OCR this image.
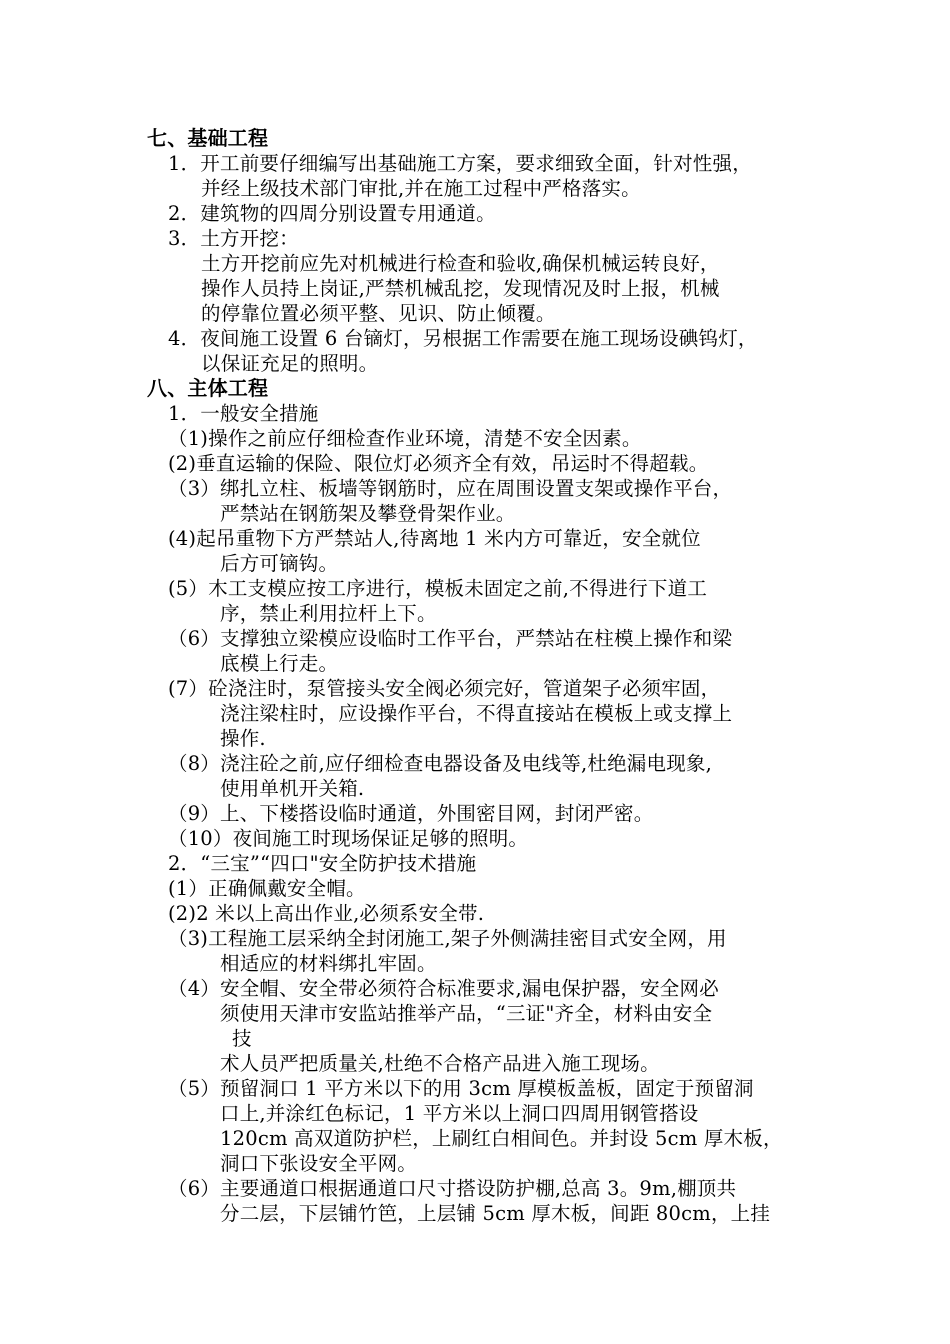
七、基础工程
1．开工前要仔细编写出基础施工方案，要求细致全面，针对性强，
并经上级技术部门审批,并在施工过程中严格落实。
2．建筑物的四周分别设置专用通道。
3．土方开挖：
土方开挖前应先对机械进行检查和验收,确保机械运转良好，
操作人员持上岗证,严禁机械乱挖，发现情况及时上报，机械
的停靠位置必须平整、见识、防止倾覆。
4．夜间施工设置 6 台镝灯，另根据工作需要在施工现场设碘钨灯，
以保证充足的照明。
八、主体工程
1．一般安全措施
（1)操作之前应仔细检查作业环境，清楚不安全因素。
(2)垂直运输的保险、限位灯必须齐全有效，吊运时不得超载。
（3）绑扎立柱、板墙等钢筋时，应在周围设置支架或操作平台，
严禁站在钢筋架及攀登骨架作业。
(4)起吊重物下方严禁站人,待离地 1 米内方可靠近，安全就位
后方可镝钩。
(5）木工支模应按工序进行，模板未固定之前,不得进行下道工
序，禁止利用拉杆上下。
（6）支撑独立梁模应设临时工作平台，严禁站在柱模上操作和梁
底模上行走。
(7）砼浇注时，泵管接头安全阀必须完好，管道架子必须牢固，
浇注梁柱时，应设操作平台，不得直接站在模板上或支撑上
操作.
（8）浇注砼之前,应仔细检查电器设备及电线等,杜绝漏电现象,
使用单机开关箱.
（9）上、下楼搭设临时通道，外围密目网，封闭严密。
（10）夜间施工时现场保证足够的照明。
2．“三宝”“四口"安全防护技术措施
(1）正确佩戴安全帽。
(2)2 米以上高出作业,必须系安全带.
（3)工程施工层采纳全封闭施工,架子外侧满挂密目式安全网，用
相适应的材料绑扎牢固。
（4）安全帽、安全带必须符合标准要求,漏电保护器，安全网必
须使用天津市安监站推举产品，“三证"齐全，材料由安全
技
术人员严把质量关,杜绝不合格产品进入施工现场。
（5）预留洞口 1 平方米以下的用 3cm 厚模板盖板，固定于预留洞
口上,并涂红色标记，1 平方米以上洞口四周用钢管搭设
120cm 高双道防护栏，上刷红白相间色。并封设 5cm 厚木板，
洞口下张设安全平网。
（6）主要通道口根据通道口尺寸搭设防护棚,总高 3。9m,棚顶共
分二层，下层铺竹笆，上层铺 5cm 厚木板，间距 80cm，上挂
